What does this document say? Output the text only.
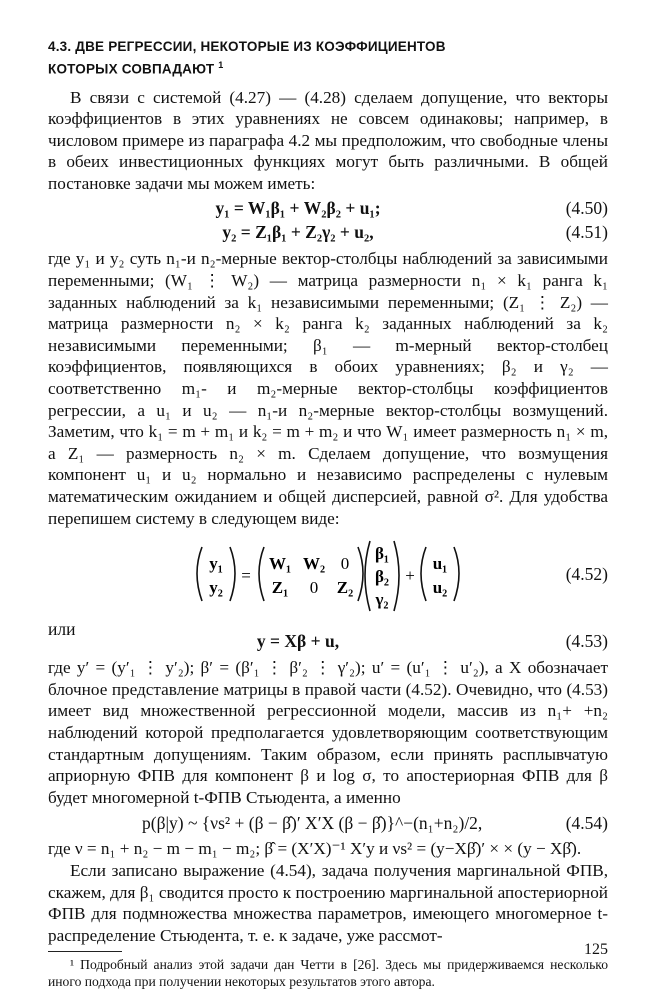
4.3. ДВЕ РЕГРЕССИИ, НЕКОТОРЫЕ ИЗ КОЭФФИЦИЕНТОВ
КОТОРЫХ СОВПАДАЮТ $^1$

В связи с системой (4.27) — (4.28) сделаем допущение, что векторы коэффициентов в этих уравнениях не совсем одинаковы; например, в числовом примере из параграфа 4.2 мы предположим, что свободные члены в обеих инвестиционных функциях могут быть различными. В общей постановке задачи мы можем иметь:

y₁ = W₁β₁ + W₂β₂ + u₁;	(4.50)
y₂ = Z₁β₁ + Z₂γ₂ + u₂,	(4.51)

где y₁ и y₂ суть n₁-и n₂-мерные вектор-столбцы наблюдений за зависимыми переменными; (W₁ ⋮ W₂) — матрица размерности n₁ × k₁ ранга k₁ заданных наблюдений за k₁ независимыми переменными; (Z₁ ⋮ Z₂) — матрица размерности n₂ × k₂ ранга k₂ заданных наблюдений за k₂ независимыми переменными; β₁ — m-мерный вектор-столбец коэффициентов, появляющихся в обоих уравнениях; β₂ и γ₂ — соответственно m₁- и m₂-мерные вектор-столбцы коэффициентов регрессии, а u₁ и u₂ — n₁-и n₂-мерные вектор-столбцы возмущений. Заметим, что k₁ = m + m₁ и k₂ = m + m₂ и что W₁ имеет размерность n₁ × m, а Z₁ — размерность n₂ × m. Сделаем допущение, что возмущения компонент u₁ и u₂ нормально и независимо распределены с нулевым математическим ожиданием и общей дисперсией, равной σ². Для удобства перепишем систему в следующем виде:

y₁
y₂
=
W₁ W₂ 0
Z₁ 0 Z₂
β₁
β₂
γ₂
+
u₁
u₂
(4.52)
или
y = Xβ + u,	(4.53)

где y′ = (y′₁ ⋮ y′₂); β′ = (β′₁ ⋮ β′₂ ⋮ γ′₂); u′ = (u′₁ ⋮ u′₂), а X обозначает блочное представление матрицы в правой части (4.52). Очевидно, что (4.53) имеет вид множественной регрессионной модели, массив из n₁+ +n₂ наблюдений которой предполагается удовлетворяющим соответствующим стандартным допущениям. Таким образом, если принять расплывчатую априорную ФПВ для компонент β и log σ, то апостериорная ФПВ для β будет многомерной t-ФПВ Стьюдента, а именно

p(β|y) ~ {νs² + (β − β̂)′ X′X (β − β̂)}^−(n₁+n₂)/2,	(4.54)

где ν = n₁ + n₂ − m − m₁ − m₂; β̂ = (X′X)⁻¹ X′y и νs² = (y−Xβ̂)′ × × (y − Xβ̂).

Если записано выражение (4.54), задача получения маргинальной ФПВ, скажем, для β₁ сводится просто к построению маргинальной апостериорной ФПВ для подмножества множества параметров, имеющего многомерное t-распределение Стьюдента, т. е. к задаче, уже рассмот-

¹ Подробный анализ этой задачи дан Четти в [26]. Здесь мы придерживаемся несколько иного подхода при получении некоторых результатов этого автора.
125
